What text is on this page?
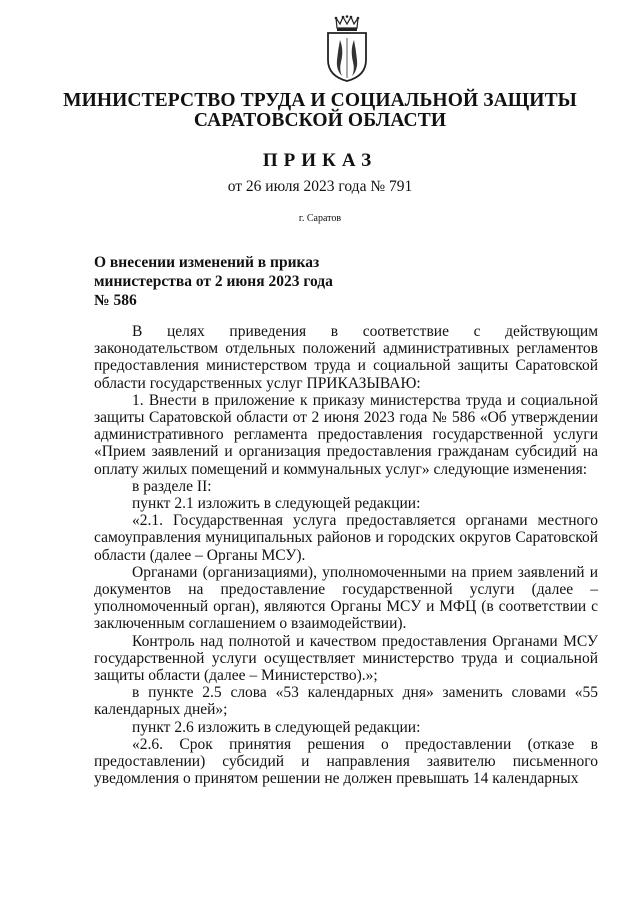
МИНИСТЕРСТВО ТРУДА И СОЦИАЛЬНОЙ ЗАЩИТЫ
САРАТОВСКОЙ ОБЛАСТИ
ПРИКАЗ
от 26 июля 2023 года № 791
г. Саратов
О внесении изменений в приказ
министерства от 2 июня 2023 года
№ 586

В целях приведения в соответствие с действующим законодательством отдельных положений административных регламентов предоставления министерством труда и социальной защиты Саратовской области государственных услуг ПРИКАЗЫВАЮ:

1. Внести в приложение к приказу министерства труда и социальной защиты Саратовской области от 2 июня 2023 года № 586 «Об утверждении административного регламента предоставления государственной услуги «Прием заявлений и организация предоставления гражданам субсидий на оплату жилых помещений и коммунальных услуг» следующие изменения:

в разделе II:

пункт 2.1 изложить в следующей редакции:

«2.1. Государственная услуга предоставляется органами местного самоуправления муниципальных районов и городских округов Саратовской области (далее – Органы МСУ).

Органами (организациями), уполномоченными на прием заявлений и документов на предоставление государственной услуги (далее – уполномоченный орган), являются Органы МСУ и МФЦ (в соответствии с заключенным соглашением о взаимодействии).

Контроль над полнотой и качеством предоставления Органами МСУ государственной услуги осуществляет министерство труда и социальной защиты области (далее – Министерство).»;

в пункте 2.5 слова «53 календарных дня» заменить словами «55 календарных дней»;

пункт 2.6 изложить в следующей редакции:

«2.6. Срок принятия решения о предоставлении (отказе в предоставлении) субсидий и направления заявителю письменного уведомления о принятом решении не должен превышать 14 календарных
